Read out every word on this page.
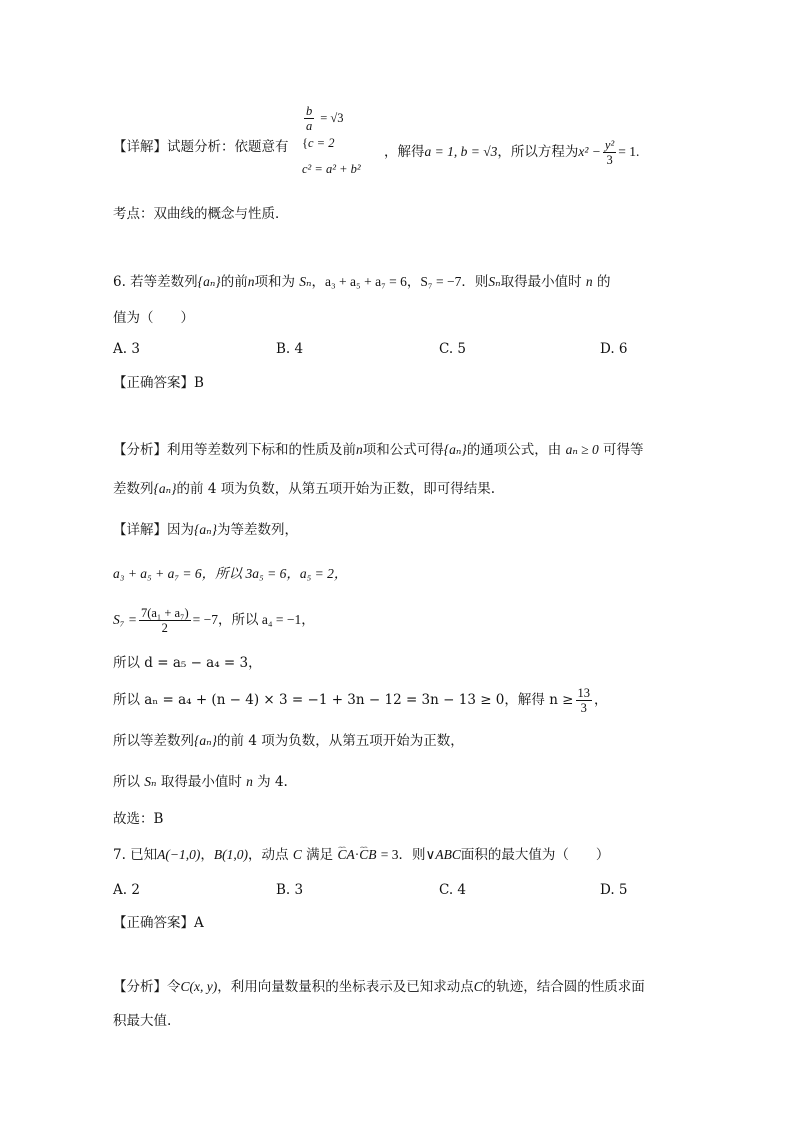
【详解】试题分析：依题意有
$\frac{b}{a} = √3$
{c = 2
c² = a² + b²
，解得a = 1, b = √3，所以方程为$x^2 - \frac{\text{y²}}{3} = 1$.
考点：双曲线的概念与性质．
6. 若等差数列{aₙ}的前n项和为 Sₙ，a₃ + a₅ + a₇ = 6，S₇ = −7．则Sₙ取得最小值时 n 的
值为（　　）
A. 3	B. 4	C. 5	D. 6
【正确答案】B
【分析】利用等差数列下标和的性质及前n项和公式可得{aₙ}的通项公式，由 aₙ ≥ 0 可得等
差数列{aₙ}的前 4 项为负数，从第五项开始为正数，即可得结果.
【详解】因为{aₙ}为等差数列，
a₃ + a₅ + a₇ = 6，所以 3a₅ = 6，a₅ = 2，
$S_7 = \frac{\text{7(a₁ + a₇)}}{2} = -7$，所以 a₄ = −1，
所以 d = a₅ − a₄ = 3，
所以 aₙ = a₄ + (n − 4) × 3 = −1 + 3n − 12 = 3n − 13 ≥ 0，解得 $n \ge \frac{13}{3}$ ，
所以等差数列{aₙ}的前 4 项为负数，从第五项开始为正数，
所以 Sₙ 取得最小值时 n 为 4.
故选：B
7. 已知A(−1,0)，B(1,0)，动点 C 满足 ⌢⌢ CA·⌢⌢ CB = 3．则∨ABC面积的最大值为（　　）
A. 2	B. 3	C. 4	D. 5
【正确答案】A
【分析】令C(x, y)，利用向量数量积的坐标表示及已知求动点C的轨迹，结合圆的性质求面
积最大值.
